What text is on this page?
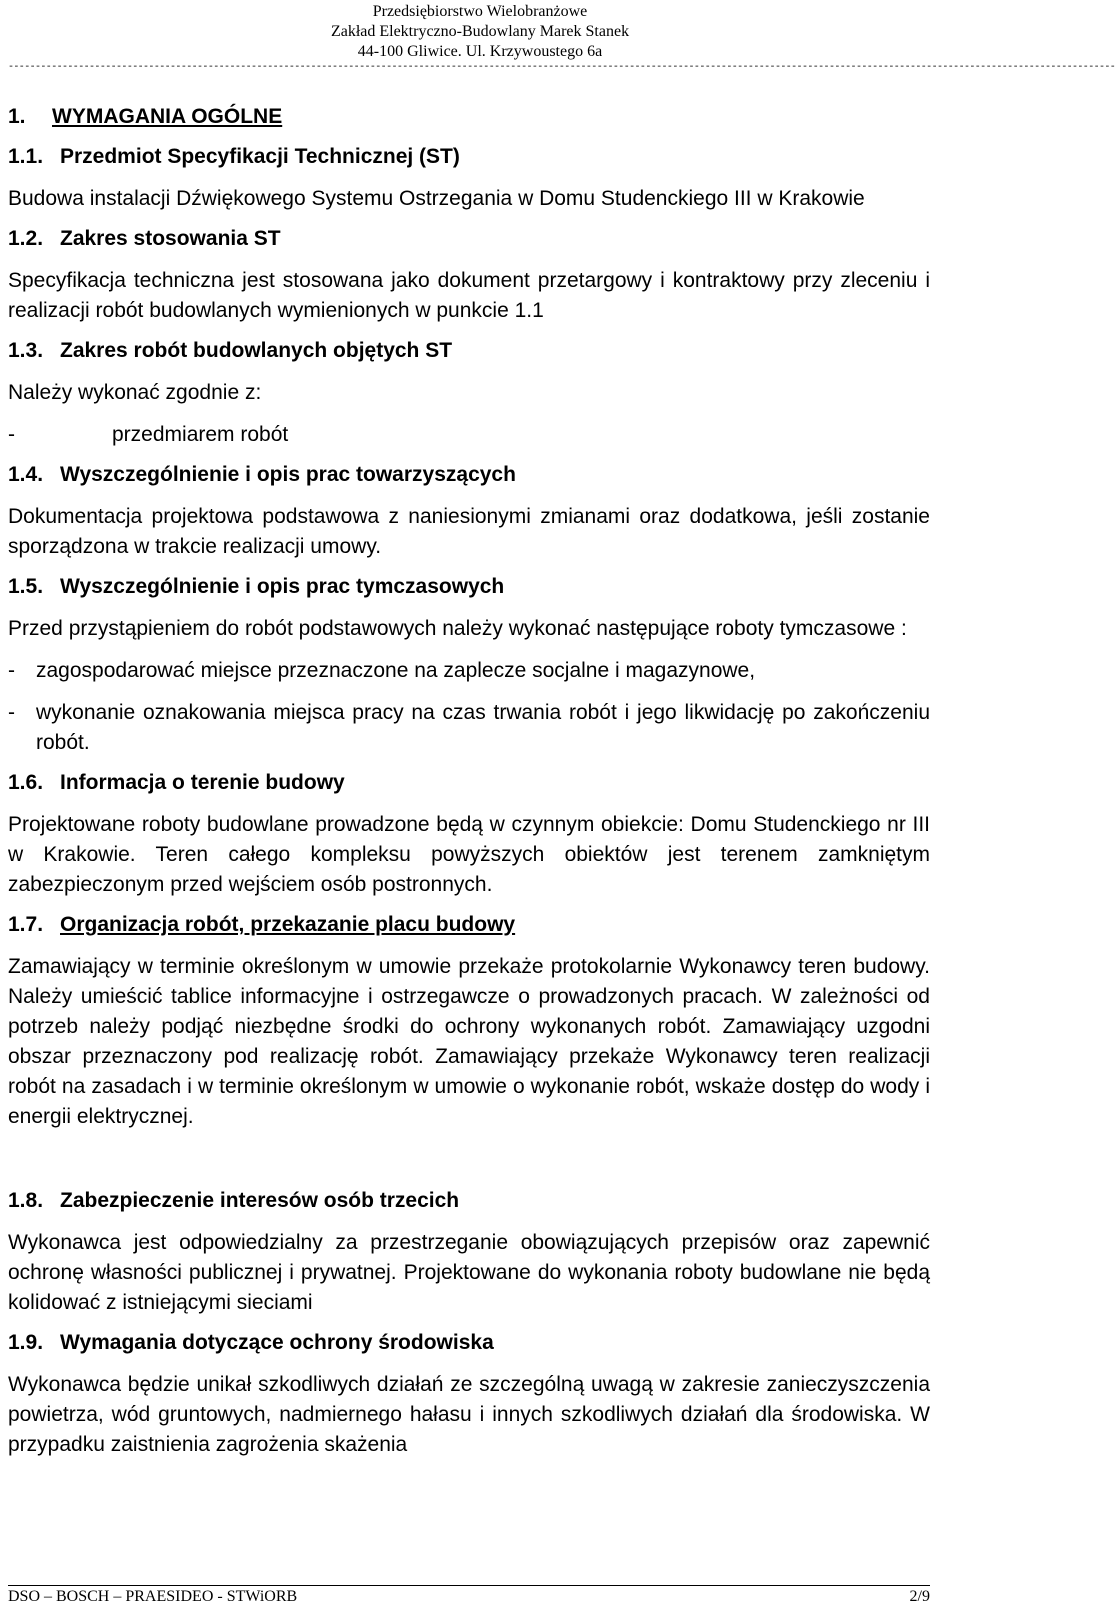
Przedsiębiorstwo Wielobranżowe
Zakład Elektryczno-Budowlany Marek Stanek
44-100 Gliwice. Ul. Krzywoustego 6a
-------------------------------------------------------------------------------------------------------------------------------------------------------------------------------------------------------------
1. WYMAGANIA OGÓLNE
1.1. Przedmiot Specyfikacji Technicznej (ST)

Budowa instalacji Dźwiękowego Systemu Ostrzegania w Domu Studenckiego III w Krakowie

1.2. Zakres stosowania ST

Specyfikacja techniczna jest stosowana jako dokument przetargowy i kontraktowy przy zleceniu i realizacji robót budowlanych wymienionych w punkcie 1.1

1.3. Zakres robót budowlanych objętych ST

Należy wykonać zgodnie z:

-	przedmiarem robót
1.4. Wyszczególnienie i opis prac towarzyszących

Dokumentacja projektowa podstawowa z naniesionymi zmianami oraz dodatkowa, jeśli zostanie sporządzona w trakcie realizacji umowy.

1.5. Wyszczególnienie i opis prac tymczasowych

Przed przystąpieniem do robót podstawowych należy wykonać następujące roboty tymczasowe :

-	zagospodarować miejsce przeznaczone na zaplecze socjalne i magazynowe,
-	wykonanie oznakowania miejsca pracy na czas trwania robót i jego likwidację po zakończeniu robót.
1.6. Informacja o terenie budowy

Projektowane roboty budowlane prowadzone będą w czynnym obiekcie: Domu Studenckiego nr III w Krakowie. Teren całego kompleksu powyższych obiektów jest terenem zamkniętym zabezpieczonym przed wejściem osób postronnych.

1.7. Organizacja robót, przekazanie placu budowy

Zamawiający w terminie określonym w umowie przekaże protokolarnie Wykonawcy teren budowy. Należy umieścić tablice informacyjne i ostrzegawcze o prowadzonych pracach. W zależności od potrzeb należy podjąć niezbędne środki do ochrony wykonanych robót. Zamawiający uzgodni obszar przeznaczony pod realizację robót. Zamawiający przekaże Wykonawcy teren realizacji robót na zasadach i w terminie określonym w umowie o wykonanie robót, wskaże dostęp do wody i energii elektrycznej.

1.8. Zabezpieczenie interesów osób trzecich

Wykonawca jest odpowiedzialny za przestrzeganie obowiązujących przepisów oraz zapewnić ochronę własności publicznej i prywatnej. Projektowane do wykonania roboty budowlane nie będą kolidować z istniejącymi sieciami

1.9. Wymagania dotyczące ochrony środowiska

Wykonawca będzie unikał szkodliwych działań ze szczególną uwagą w zakresie zanieczyszczenia powietrza, wód gruntowych, nadmiernego hałasu i innych szkodliwych działań dla środowiska. W przypadku zaistnienia zagrożenia skażenia

DSO – BOSCH – PRAESIDEO - STWiORB	2/9
